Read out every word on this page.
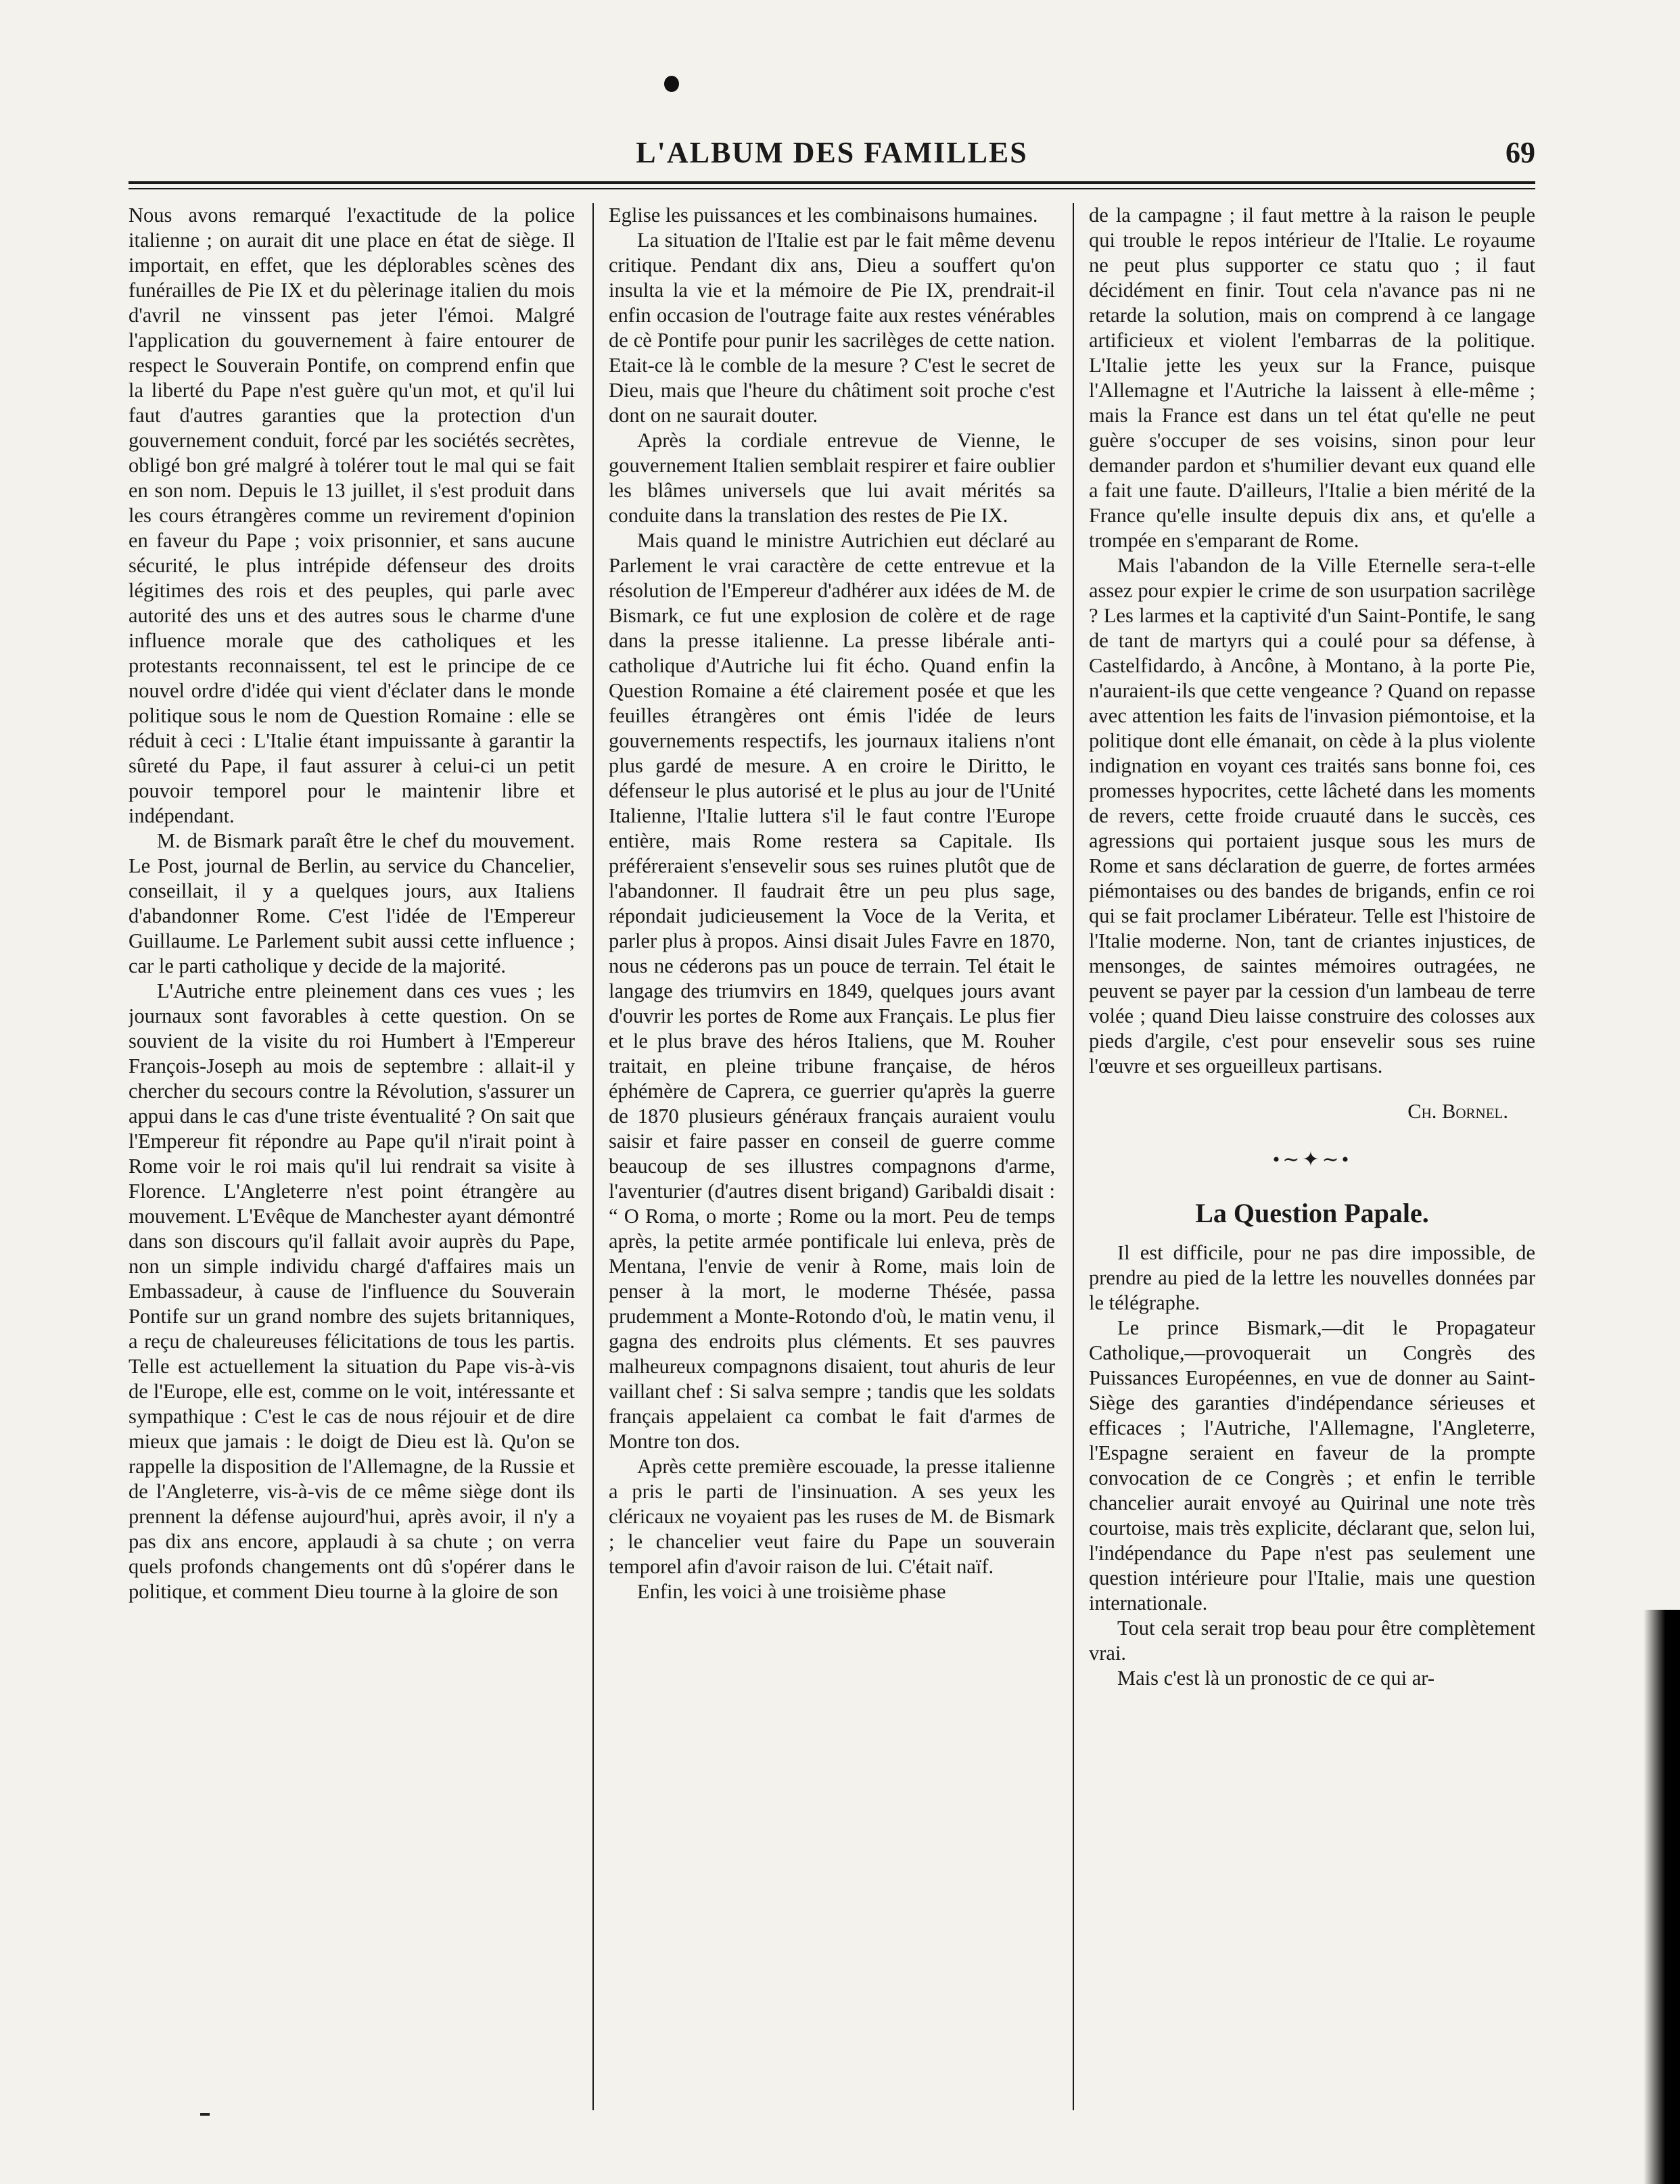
L'ALBUM DES FAMILLES	69

Nous avons remarqué l'exactitude de la police italienne ; on aurait dit une place en état de siège. Il importait, en effet, que les déplorables scènes des funérailles de Pie IX et du pèlerinage italien du mois d'avril ne vinssent pas jeter l'émoi. Malgré l'application du gouvernement à faire entourer de respect le Souverain Pontife, on comprend enfin que la liberté du Pape n'est guère qu'un mot, et qu'il lui faut d'autres garanties que la protection d'un gouvernement conduit, forcé par les sociétés secrètes, obligé bon gré malgré à tolérer tout le mal qui se fait en son nom. Depuis le 13 juillet, il s'est produit dans les cours étrangères comme un revirement d'opinion en faveur du Pape ; voix prisonnier, et sans aucune sécurité, le plus intrépide défenseur des droits légitimes des rois et des peuples, qui parle avec autorité des uns et des autres sous le charme d'une influence morale que des catholiques et les protestants reconnaissent, tel est le principe de ce nouvel ordre d'idée qui vient d'éclater dans le monde politique sous le nom de Question Romaine : elle se réduit à ceci : L'Italie étant impuissante à garantir la sûreté du Pape, il faut assurer à celui-ci un petit pouvoir temporel pour le maintenir libre et indépendant.

M. de Bismark paraît être le chef du mouvement. Le Post, journal de Berlin, au service du Chancelier, conseillait, il y a quelques jours, aux Italiens d'abandonner Rome. C'est l'idée de l'Empereur Guillaume. Le Parlement subit aussi cette influence ; car le parti catholique y decide de la majorité.

L'Autriche entre pleinement dans ces vues ; les journaux sont favorables à cette question. On se souvient de la visite du roi Humbert à l'Empereur François-Joseph au mois de septembre : allait-il y chercher du secours contre la Révolution, s'assurer un appui dans le cas d'une triste éventualité ? On sait que l'Empereur fit répondre au Pape qu'il n'irait point à Rome voir le roi mais qu'il lui rendrait sa visite à Florence. L'Angleterre n'est point étrangère au mouvement. L'Evêque de Manchester ayant démontré dans son discours qu'il fallait avoir auprès du Pape, non un simple individu chargé d'affaires mais un Embassadeur, à cause de l'influence du Souverain Pontife sur un grand nombre des sujets britanniques, a reçu de chaleureuses félicitations de tous les partis. Telle est actuellement la situation du Pape vis-à-vis de l'Europe, elle est, comme on le voit, intéressante et sympathique : C'est le cas de nous réjouir et de dire mieux que jamais : le doigt de Dieu est là. Qu'on se rappelle la disposition de l'Allemagne, de la Russie et de l'Angleterre, vis-à-vis de ce même siège dont ils prennent la défense aujourd'hui, après avoir, il n'y a pas dix ans encore, applaudi à sa chute ; on verra quels profonds changements ont dû s'opérer dans le politique, et comment Dieu tourne à la gloire de son

Eglise les puissances et les combinaisons humaines.

La situation de l'Italie est par le fait même devenu critique. Pendant dix ans, Dieu a souffert qu'on insulta la vie et la mémoire de Pie IX, prendrait-il enfin occasion de l'outrage faite aux restes vénérables de cè Pontife pour punir les sacrilèges de cette nation. Etait-ce là le comble de la mesure ? C'est le secret de Dieu, mais que l'heure du châtiment soit proche c'est dont on ne saurait douter.

Après la cordiale entrevue de Vienne, le gouvernement Italien semblait respirer et faire oublier les blâmes universels que lui avait mérités sa conduite dans la translation des restes de Pie IX.

Mais quand le ministre Autrichien eut déclaré au Parlement le vrai caractère de cette entrevue et la résolution de l'Empereur d'adhérer aux idées de M. de Bismark, ce fut une explosion de colère et de rage dans la presse italienne. La presse libérale anti-catholique d'Autriche lui fit écho. Quand enfin la Question Romaine a été clairement posée et que les feuilles étrangères ont émis l'idée de leurs gouvernements respectifs, les journaux italiens n'ont plus gardé de mesure. A en croire le Diritto, le défenseur le plus autorisé et le plus au jour de l'Unité Italienne, l'Italie luttera s'il le faut contre l'Europe entière, mais Rome restera sa Capitale. Ils préféreraient s'ensevelir sous ses ruines plutôt que de l'abandonner. Il faudrait être un peu plus sage, répondait judicieusement la Voce de la Verita, et parler plus à propos. Ainsi disait Jules Favre en 1870, nous ne céderons pas un pouce de terrain. Tel était le langage des triumvirs en 1849, quelques jours avant d'ouvrir les portes de Rome aux Français. Le plus fier et le plus brave des héros Italiens, que M. Rouher traitait, en pleine tribune française, de héros éphémère de Caprera, ce guerrier qu'après la guerre de 1870 plusieurs généraux français auraient voulu saisir et faire passer en conseil de guerre comme beaucoup de ses illustres compagnons d'arme, l'aventurier (d'autres disent brigand) Garibaldi disait : “ O Roma, o morte ; Rome ou la mort. Peu de temps après, la petite armée pontificale lui enleva, près de Mentana, l'envie de venir à Rome, mais loin de penser à la mort, le moderne Thésée, passa prudemment a Monte-Rotondo d'où, le matin venu, il gagna des endroits plus cléments. Et ses pauvres malheureux compagnons disaient, tout ahuris de leur vaillant chef : Si salva sempre ; tandis que les soldats français appelaient ca combat le fait d'armes de Montre ton dos.

Après cette première escouade, la presse italienne a pris le parti de l'insinuation. A ses yeux les cléricaux ne voyaient pas les ruses de M. de Bismark ; le chancelier veut faire du Pape un souverain temporel afin d'avoir raison de lui. C'était naïf.

Enfin, les voici à une troisième phase

de la campagne ; il faut mettre à la raison le peuple qui trouble le repos intérieur de l'Italie. Le royaume ne peut plus supporter ce statu quo ; il faut décidément en finir. Tout cela n'avance pas ni ne retarde la solution, mais on comprend à ce langage artificieux et violent l'embarras de la politique. L'Italie jette les yeux sur la France, puisque l'Allemagne et l'Autriche la laissent à elle-même ; mais la France est dans un tel état qu'elle ne peut guère s'occuper de ses voisins, sinon pour leur demander pardon et s'humilier devant eux quand elle a fait une faute. D'ailleurs, l'Italie a bien mérité de la France qu'elle insulte depuis dix ans, et qu'elle a trompée en s'emparant de Rome.

Mais l'abandon de la Ville Eternelle sera-t-elle assez pour expier le crime de son usurpation sacrilège ? Les larmes et la captivité d'un Saint-Pontife, le sang de tant de martyrs qui a coulé pour sa défense, à Castelfidardo, à Ancône, à Montano, à la porte Pie, n'auraient-ils que cette vengeance ? Quand on repasse avec attention les faits de l'invasion piémontoise, et la politique dont elle émanait, on cède à la plus violente indignation en voyant ces traités sans bonne foi, ces promesses hypocrites, cette lâcheté dans les moments de revers, cette froide cruauté dans le succès, ces agressions qui portaient jusque sous les murs de Rome et sans déclaration de guerre, de fortes armées piémontaises ou des bandes de brigands, enfin ce roi qui se fait proclamer Libérateur. Telle est l'histoire de l'Italie moderne. Non, tant de criantes injustices, de mensonges, de saintes mémoires outragées, ne peuvent se payer par la cession d'un lambeau de terre volée ; quand Dieu laisse construire des colosses aux pieds d'argile, c'est pour ensevelir sous ses ruine l'œuvre et ses orgueilleux partisans.

Ch. Bornel.
•∼✦∼•
La Question Papale.

Il est difficile, pour ne pas dire impossible, de prendre au pied de la lettre les nouvelles données par le télégraphe.

Le prince Bismark,—dit le Propagateur Catholique,—provoquerait un Congrès des Puissances Européennes, en vue de donner au Saint-Siège des garanties d'indépendance sérieuses et efficaces ; l'Autriche, l'Allemagne, l'Angleterre, l'Espagne seraient en faveur de la prompte convocation de ce Congrès ; et enfin le terrible chancelier aurait envoyé au Quirinal une note très courtoise, mais très explicite, déclarant que, selon lui, l'indépendance du Pape n'est pas seulement une question intérieure pour l'Italie, mais une question internationale.

Tout cela serait trop beau pour être complètement vrai.

Mais c'est là un pronostic de ce qui ar-
